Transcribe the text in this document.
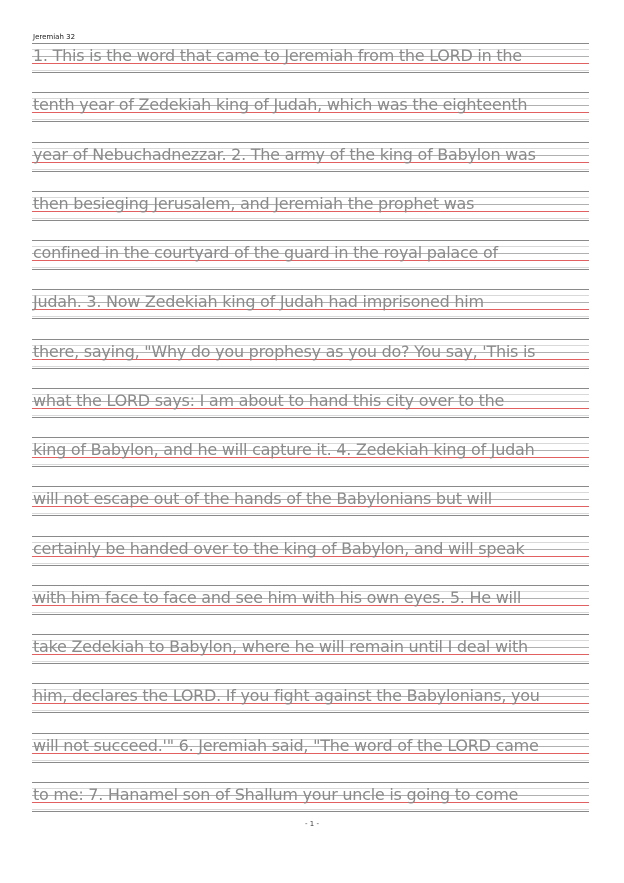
Jeremiah 32
1. This is the word that came to Jeremiah from the LORD in the
tenth year of Zedekiah king of Judah, which was the eighteenth
year of Nebuchadnezzar. 2. The army of the king of Babylon was
then besieging Jerusalem, and Jeremiah the prophet was
confined in the courtyard of the guard in the royal palace of
Judah. 3. Now Zedekiah king of Judah had imprisoned him
there, saying, "Why do you prophesy as you do? You say, 'This is
what the LORD says: I am about to hand this city over to the
king of Babylon, and he will capture it. 4. Zedekiah king of Judah
will not escape out of the hands of the Babylonians but will
certainly be handed over to the king of Babylon, and will speak
with him face to face and see him with his own eyes. 5. He will
take Zedekiah to Babylon, where he will remain until I deal with
him, declares the LORD. If you fight against the Babylonians, you
will not succeed.'" 6. Jeremiah said, "The word of the LORD came
to me: 7. Hanamel son of Shallum your uncle is going to come
- 1 -
